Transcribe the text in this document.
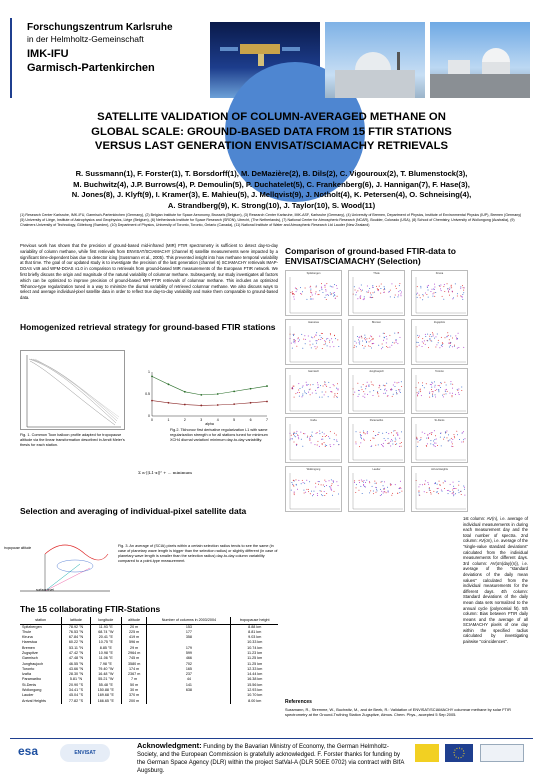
Forschungszentrum Karlsruhe
in der Helmholtz-Gemeinschaft
IMK-IFU
Garmisch-Partenkirchen
SATELLITE VALIDATION OF COLUMN-AVERAGED METHANE ON
GLOBAL SCALE: GROUND-BASED DATA FROM 15 FTIR STATIONS
VERSUS LAST GENERATION ENVISAT/SCIAMACHY RETRIEVALS
R. Sussmann(1), F. Forster(1), T. Borsdorff(1), M. DeMazière(2), B. Dils(2), C. Vigouroux(2), T. Blumenstock(3),
M. Buchwitz(4), J.P. Burrows(4), P. Demoulin(5), P. Duchatelet(5), C. Frankenberg(6), J. Hannigan(7), F. Hase(3),
N. Jones(8), J. Klyft(9), I. Kramer(3), E. Mahieu(5), J. Mellqvist(9), J. Notholt(4), K. Petersen(4), O. Schneising(4),
A. Strandberg(9), K. Strong(10), J. Taylor(10), S. Wood(11)
(1) Research Center Karlsruhe, IMK-IFU, Garmisch-Partenkirchen (Germany), (2) Belgian Institute for Space Aeronomy, Brussels (Belgium), (3) Research Center Karlsruhe, IMK-ASF, Karlsruhe (Germany), (4) University of Bremen, Department of Physics, Institute of Environmental Physics (IUP), Bremen (Germany) (5) University of Liège, Institute of Astrophysics and Geophysics, Liège (Belgium), (6) Netherlands Institute for Space Research (SRON), Utrecht, (The Netherlands), (7) National Center for Atmospheric Research (NCAR), Boulder, Colorado (USA), (8) School of Chemistry, University of Wollongong (Australia), (9) Chalmers University of Technology, Göteborg (Sweden), (10) Department of Physics, University of Toronto, Toronto, Ontario (Canada), (11) National Institute of Water and Atmospheric Research Ltd Lauder (New Zealand)
Previous work has shown that the precision of ground-based mid-infrared (MIR) FTIR spectrometry is sufficient to detect day-to-day variability of column methane, while first retrievals from ENVISAT/SCIAMACHY (channel 8) satellite measurements were impacted by a significant time-dependent bias due to detector icing (Sussmann et al., 2005). This prevented insight into how methane temporal variability at that time. The goal of our updated study is to investigate the precision of the last generation (channel 6) SCIAMACHY retrievals IMAP-DOAS v49 and WFM-DOAS v1.0 in comparison to retrievals from ground-based MIR measurements of the European FTIR network. We first briefly discuss the origin and magnitude of the natural variability of columnar methane. Subsequently, our study investigates all factors which can be optimized to improve precision of ground-based MIR-FTIR retrievals of columnar methane. This includes an optimized Tikhonov-type regularization tuned in a way to minimize the diurnal variability of retrieved columnar methane. We also discuss ways to select and average individual-pixel satellite data in order to reflect true day-to-day variability and make them comparable to ground-based data.
Homogenized retrieval strategy for ground-based FTIR stations
Fig. 1. Common Toon balloon profile adapted for tropopause altitude via the linear transformation described in Arndt Meier's thesis for each station.
0	1	2	3	4	5	6	7
alpha
0
0.5
1
Fig.2. Tikhonov first derivative regularization L1 with same regularization strength α for all stations tuned for minimum XCH4 diurnal variation/ minimum day-to-day variability.
Σ α·||L1·x||² + ... minimum
Selection and averaging of individual-pixel satellite data
tropopause altitude
surface level
Fig. 3. An average of (SCIA) pixels within a certain selection radius tends to see the same (in case of planetary wave length is bigger than the selection radius) or slightly different (in case of planetary wave length is smaller than the selection radius) day-to-day column variability compared to a point-type measurement.
The 15 collaborating FTIR-Stations
station	latitude	longitude	altitude	Number of columns in 2003/2004	tropopause height
Spitzbergen	78.92 °N	11.93 °E	20 m	153	8.88 km
Thule	76.53 °N	68.74 °W	225 m	177	8.81 km
Kiruna	67.84 °N	20.41 °E	419 m	358	9.03 km
Harestua	60.22 °N	10.75 °E	596 m		10.33 km
Bremen	53.11 °N	8.85 °E	29 m	179	10.74 km
Zugspitze	47.42 °N	10.98 °E	2964 m	599	11.23 km
Garmisch	47.48 °N	11.06 °E	745 m	466	11.25 km
Jungfraujoch	46.55 °N	7.98 °E	3580 m	702	11.25 km
Toronto	43.66 °N	79.40 °W	174 m	165	12.33 km
Izaña	28.30 °N	16.48 °W	2367 m	237	14.44 km
Paramaribo	5.81 °N	55.21 °W	7 m	44	16.38 km
St-Denis	20.90 °S	55.48 °E	50 m	141	15.56 km
Wollongong	34.41 °S	150.88 °E	30 m	638	12.93 km
Lauder	45.04 °S	169.68 °E	370 m		10.70 km
Arrival Heights	77.82 °S	166.65 °E	200 m		8.00 km
Comparison of ground-based FTIR-data to ENVISAT/SCIAMACHY (Selection)
Spitsbergen	Thule	Kiruna
Harestua	Bremen	Zugspitze
Garmisch	Jungfraujoch	Toronto
Izaña	Paramaribo	St-Denis
Wollongong	Lauder	Arrival Heights
1st column: AV(n), i.e. average of individual measurements in during each measurement day and the total number of spectra. 2nd column: AV(σn), i.e. average of the "single-value standard deviations" calculated from the individual measurements for different days. 3rd column: AV(σn(day)(n)), i.e. average of the "standard deviations of the daily mean values" calculated from the individual measurements for the different days. 4th column: Standard deviations of the daily mean data sets normalized to the annual cycle (polynomial fit). 5th column: Bias between FTIR daily means and the average of all SCIAMACHY pixels of one day within the specified radius calculated by investigating pairwise "coincidences".
References
Sussmann, R., Stremme, W., Buchwitz, M., and de Beek, R.: Validation of ENVISAT/SCIAMACHY columnar methane by solar FTIR spectrometry at the Ground-Truthing Station Zugspitze, Atmos. Chem. Phys., accepted 5 Sep 2005.
esa	ENVISAT
Acknowledgment: Funding by the Bavarian Ministry of Economy, the German Helmholtz-Society, and the European Commission is gratefully acknowledged. F. Forster thanks for funding by the German Space Agency (DLR) within the project SatVal-A (DLR 50EE 0702) via contract with BIfA Augsburg.
